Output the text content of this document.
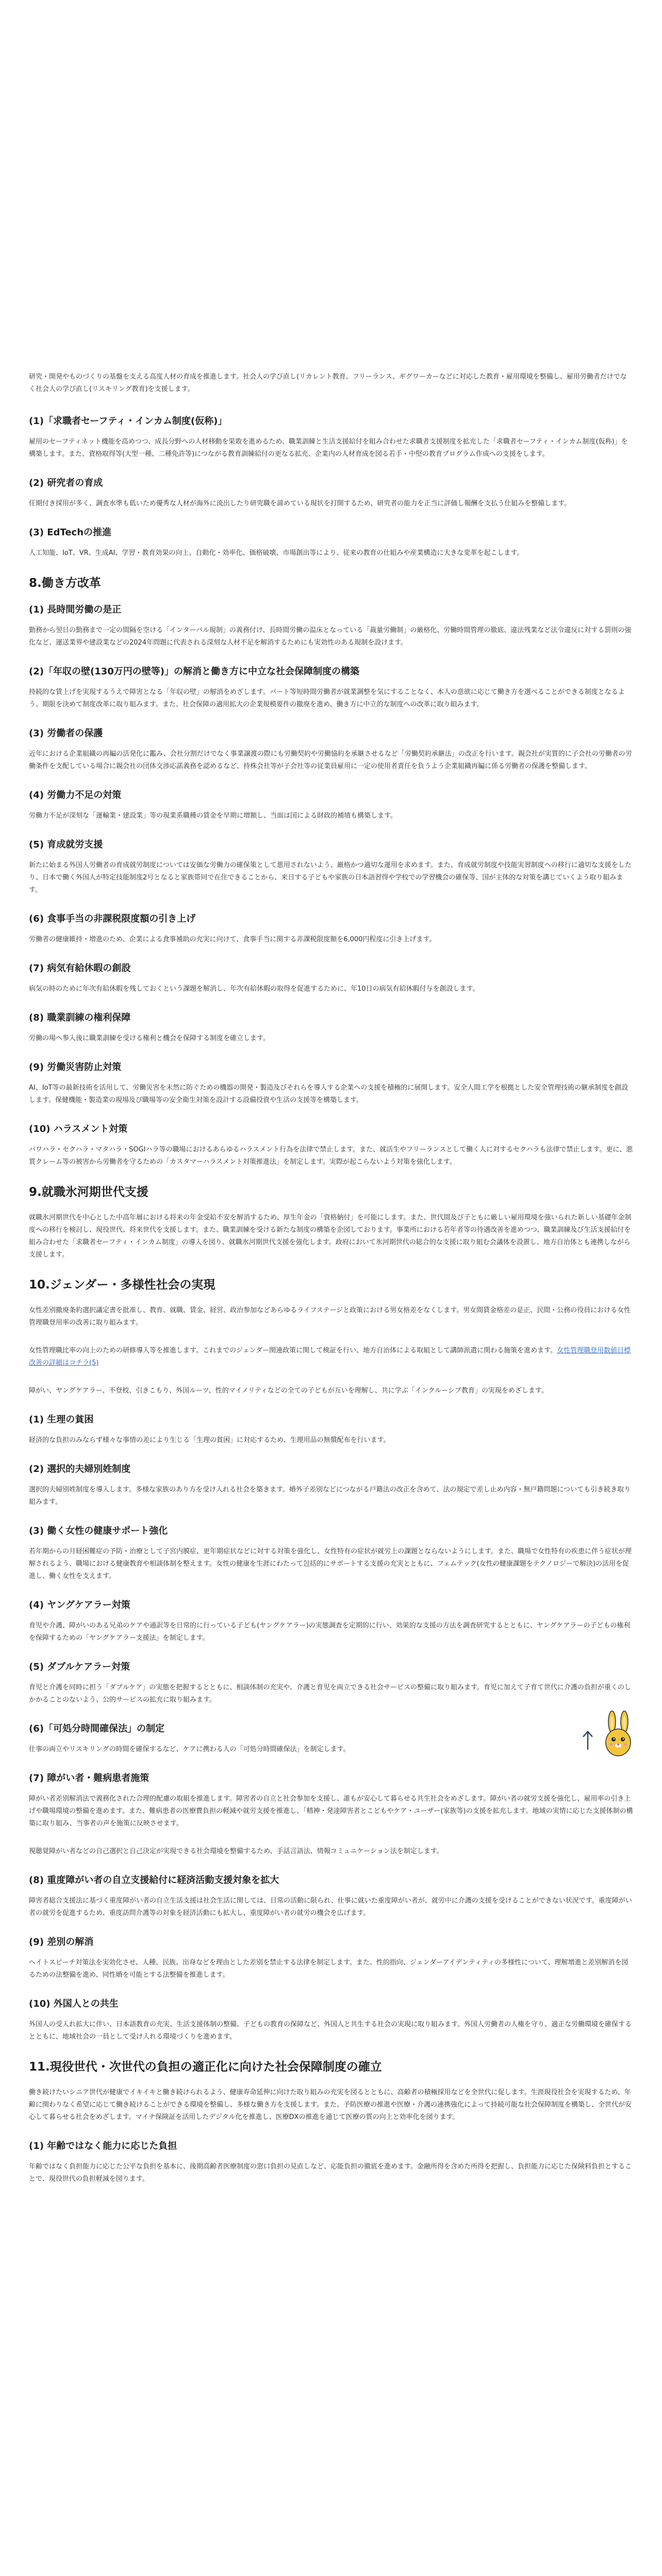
研究・開発やものづくりの基盤を支える高度人材の育成を推進します。社会人の学び直し(リカレント教育、フリーランス、ギグワーカーなどに対応した教育・雇用環境を整備し、雇用労働者だけでなく社会人の学び直し(リスキリング教育)を支援します。

(1)「求職者セーフティ・インカム制度(仮称)」

雇用のセーフティネット機能を高めつつ、成長分野への人材移動を果敢を進めるため、職業訓練と生活支援給付を組み合わせた求職者支援制度を拡充した「求職者セーフティ・インカム制度(仮称)」を構築します。また、資格取得等(大型一種、二種免許等)につながる教育訓練給付の更なる拡充、企業内の人材育成を図る若手・中堅の教育プログラム作成への支援をします。

(2) 研究者の育成

任期付き採用が多く、調査水準も低いため優秀な人材が海外に流出したり研究職を諦めている現状を打開するため、研究者の能力を正当に評価し報酬を支払う仕組みを整備します。

(3) EdTechの推進

人工知能、IoT、VR、生成AI、学習・教育効果の向上、自動化・効率化、価格破壊、市場創出等により、従来の教育の仕組みや産業構造に大きな変革を起こします。

8.働き方改革
(1) 長時間労働の是正

勤務から翌日の勤務まで一定の間隔を空ける「インターバル規制」の義務付け、長時間労働の温床となっている「裁量労働制」の厳格化、労働時間管理の徹底、違法残業など法令違反に対する罰則の強化など、運送業界や建設業などの2024年問題に代表される深刻な人材不足を解消するためにも実効性のある規制を設けます。

(2)「年収の壁(130万円の壁等)」の解消と働き方に中立な社会保障制度の構築

持続的な賃上げを実現するうえで障害となる「年収の壁」の解消をめざします。パート等短時間労働者が就業調整を気にすることなく、本人の意欲に応じて働き方を選べることができる制度となるよう、期限を決めて制度改革に取り組みます。また、社会保障の適用拡大の企業規模要件の撤廃を進め、働き方に中立的な制度への改革に取り組みます。

(3) 労働者の保護

近年における企業組織の再編の活発化に鑑み、会社分割だけでなく事業譲渡の際にも労働契約や労働協約を承継させるなど「労働契約承継法」の改正を行います。親会社が実質的に子会社の労働者の労働条件を支配している場合に親会社の団体交渉応諾義務を認めるなど、持株会社等が子会社等の従業員雇用に一定の使用者責任を負うよう企業組織再編に係る労働者の保護を整備します。

(4) 労働力不足の対策

労働力不足が深刻な「運輸業・建設業」等の現業系職種の賃金を早期に増額し、当面は国による財政的補填も構築します。

(5) 育成就労支援

新たに始まる外国人労働者の育成就労制度については安価な労働力の確保策として悪用されないよう、厳格かつ適切な運用を求めます。また、育成就労制度や技能実習制度への移行に適切な支援をしたり、日本で働く外国人が特定技能制度2号となると家族帯同で在住できることから、来日する子どもや家族の日本語習得や学校での学習機会の確保等、国が主体的な対策を講じていくよう取り組みます。

(6) 食事手当の非課税限度額の引き上げ

労働者の健康維持・増進のため、企業による食事補助の充実に向けて、食事手当に関する非課税限度額を6,000円程度に引き上げます。

(7) 病気有給休暇の創設

病気の時のために年次有給休暇を残しておくという課題を解消し、年次有給休暇の取得を促進するために、年10日の病気有給休暇付与を創設します。

(8) 職業訓練の権利保障

労働の場へ参入後に職業訓練を受ける権利と機会を保障する制度を確立します。

(9) 労働災害防止対策

AI、IoT等の最新技術を活用して、労働災害を未然に防ぐための機器の開発・製造及びそれらを導入する企業への支援を積極的に展開します。安全人間工学を根拠とした安全管理技術の継承制度を創設します。保健機能・製造業の現場及び職場等の安全衛生対策を設計する設備投資や生活の支援等を構築します。

(10) ハラスメント対策

パワハラ・セクハラ・マタハラ・SOGIハラ等の職場におけるあらゆるハラスメント行為を法律で禁止します。また、就活生やフリーランスとして働く人に対するセクハラも法律で禁止します。更に、悪質クレーム等の被害から労働者を守るための「カスタマーハラスメント対策推進法」を制定します。実際が起こらないよう対策を強化します。

9.就職氷河期世代支援

就職氷河期世代を中心とした中高年層における将来の年金受給不安を解消するため、厚生年金の「資格納付」を可能にします。また、世代間及び子ともに厳しい雇用環境を強いられた新しい基礎年金制度への移行を検討し、現役世代、将来世代を支援します。また、職業訓練を受ける新たな制度の構築を企図しております。事業所における若年者等の待遇改善を進めつつ、職業訓練及び生活支援給付を組み合わせた「求職者セーフティ・インカム制度」の導入を図り、就職氷河期世代支援を強化します。政府において氷河期世代の総合的な支援に取り組む会議体を設置し、地方自治体とも連携しながら支援します。

10.ジェンダー・多様性社会の実現

女性差別撤廃条約選択議定書を批准し、教育、就職、賃金、経営、政治参加などあらゆるライフステージと政策における男女格差をなくします。男女間賃金格差の是正、民間・公務の役員における女性管理職登用率の改善に取り組みます。

女性管理職比率の向上のための研修導入等を推進します。これまでのジェンダー関連政策に関して検証を行い、地方自治体による取組として講師派遣に関わる施策を進めます。女性管理職登用数値目標改善の詳細はコチラ(5)

障がい、ヤングケアラー、不登校、引きこもり、外国ルーツ、性的マイノリティなどの全ての子どもが互いを理解し、共に学ぶ「インクルーシブ教育」の実現をめざします。

(1) 生理の貧困

経済的な負担のみならず様々な事情の差により生じる「生理の貧困」に対応するため、生理用品の無償配布を行います。

(2) 選択的夫婦別姓制度

選択的夫婦別姓制度を導入します。多様な家族のあり方を受け入れる社会を築きます。婚外子差別などにつながる戸籍法の改正を含めて、法の規定で差し止め内容・無戸籍問題についても引き続き取り組みます。

(3) 働く女性の健康サポート強化

若年期からの月経困難症の予防・治療として子宮内膜症、更年期症状などに対する対策を強化し、女性特有の症状が就労上の課題とならないようにします。また、職場で女性特有の疾患に伴う症状が理解されるよう、職場における健康教育や相談体制を整えます。女性の健康を生涯にわたって包括的にサポートする支援の充実とともに、フェムテック(女性の健康課題をテクノロジーで解決)の活用を促進し、働く女性を支えます。

(4) ヤングケアラー対策

育児や介護、障がいのある兄弟のケアや通訳等を日常的に行っている子ども(ヤングケアラー)の実態調査を定期的に行い、効果的な支援の方法を調査研究するとともに、ヤングケアラーの子どもの権利を保障するための「ヤングケアラー支援法」を制定します。

(5) ダブルケアラー対策

育児と介護を同時に担う「ダブルケア」の実態を把握するとともに、相談体制の充実や、介護と育児を両立できる社会サービスの整備に取り組みます。育児に加えて子育て世代に介護の負担が重くのしかかることのないよう、公的サービスの拡充に取り組みます。

(6)「可処分時間確保法」の制定

仕事の両立やリスキリングの時間を確保するなど、ケアに携わる人の「可処分時間確保法」を制定します。

(7) 障がい者・難病患者施策

障がい者差別解消法で義務化された合理的配慮の取組を推進します。障害者の自立と社会参加を支援し、誰もが安心して暮らせる共生社会をめざします。障がい者の就労支援を強化し、雇用率の引き上げや職場環境の整備を進めます。また、難病患者の医療費負担の軽減や就労支援を推進し、「精神・発達障害者とこどもやケア・ユーザー(家族等)の支援を拡充します。地域の実情に応じた支援体制の構築に取り組み、当事者の声を施策に反映させます。

視聴覚障がい者などの自己選択と自己決定が実現できる社会環境を整備するため、手話言語法、情報コミュニケーション法を制定します。

(8) 重度障がい者の自立支援給付に経済活動支援対象を拡大

障害者総合支援法に基づく重度障がい者の自立生活支援は社会生活に関しては、日常の活動に限られ、仕事に就いた重度障がい者が、就労中に介護の支援を受けることができない状況です。重度障がい者の就労を促進するため、重度訪問介護等の対象を経済活動にも拡大し、重度障がい者の就労の機会を広げます。

(9) 差別の解消

ヘイトスピーチ対策法を実効化させ、人種、民族、出身などを理由とした差別を禁止する法律を制定します。また、性的指向、ジェンダーアイデンティティの多様性について、理解増進と差別解消を図るための法整備を進め、同性婚を可能とする法整備を推進します。

(10) 外国人との共生

外国人の受入れ拡大に伴い、日本語教育の充実、生活支援体制の整備、子どもの教育の保障など、外国人と共生する社会の実現に取り組みます。外国人労働者の人権を守り、適正な労働環境を確保するとともに、地域社会の一員として受け入れる環境づくりを進めます。

11.現役世代・次世代の負担の適正化に向けた社会保障制度の確立

働き続けたいシニア世代が健康でイキイキと働き続けられるよう、健康寿命延伸に向けた取り組みの充実を図るとともに、高齢者の積極採用などを全世代に促します。生涯現役社会を実現するため、年齢に関わりなく希望に応じて働き続けることができる環境を整備し、多様な働き方を支援します。また、予防医療の推進や医療・介護の連携強化によって持続可能な社会保障制度を構築し、全世代が安心して暮らせる社会をめざします。マイナ保険証を活用したデジタル化を推進し、医療DXの推進を通じて医療の質の向上と効率化を図ります。

(1) 年齢ではなく能力に応じた負担

年齢ではなく負担能力に応じた公平な負担を基本に、後期高齢者医療制度の窓口負担の見直しなど、応能負担の徹底を進めます。金融所得を含めた所得を把握し、負担能力に応じた保険料負担とすることで、現役世代の負担軽減を図ります。
